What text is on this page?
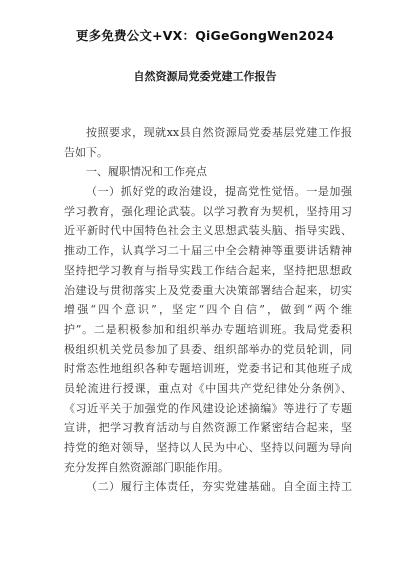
更多免费公文+VX：QiGeGongWen2024
自然资源局党委党建工作报告
按照要求，现就xx县自然资源局党委基层党建工作报
告如下。
一、履职情况和工作亮点
（一）抓好党的政治建设，提高党性觉悟。一是加强
学习教育，强化理论武装。以学习教育为契机，坚持用习
近平新时代中国特色社会主义思想武装头脑、指导实践、
推动工作，认真学习二十届三中全会精神等重要讲话精神
坚持把学习教育与指导实践工作结合起来，坚持把思想政
治建设与贯彻落实上及党委重大决策部署结合起来，切实
增强“四个意识”，坚定“四个自信”，做到“两个维
护”。二是积极参加和组织举办专题培训班。我局党委积
极组织机关党员参加了县委、组织部举办的党员轮训，同
时常态性地组织各种专题培训班，党委书记和其他班子成
员轮流进行授课，重点对《中国共产党纪律处分条例》、
《习近平关于加强党的作风建设论述摘编》等进行了专题
宣讲，把学习教育活动与自然资源工作紧密结合起来，坚
持党的绝对领导，坚持以人民为中心、坚持以问题为导向
充分发挥自然资源部门职能作用。
（二）履行主体责任，夯实党建基础。自全面主持工
